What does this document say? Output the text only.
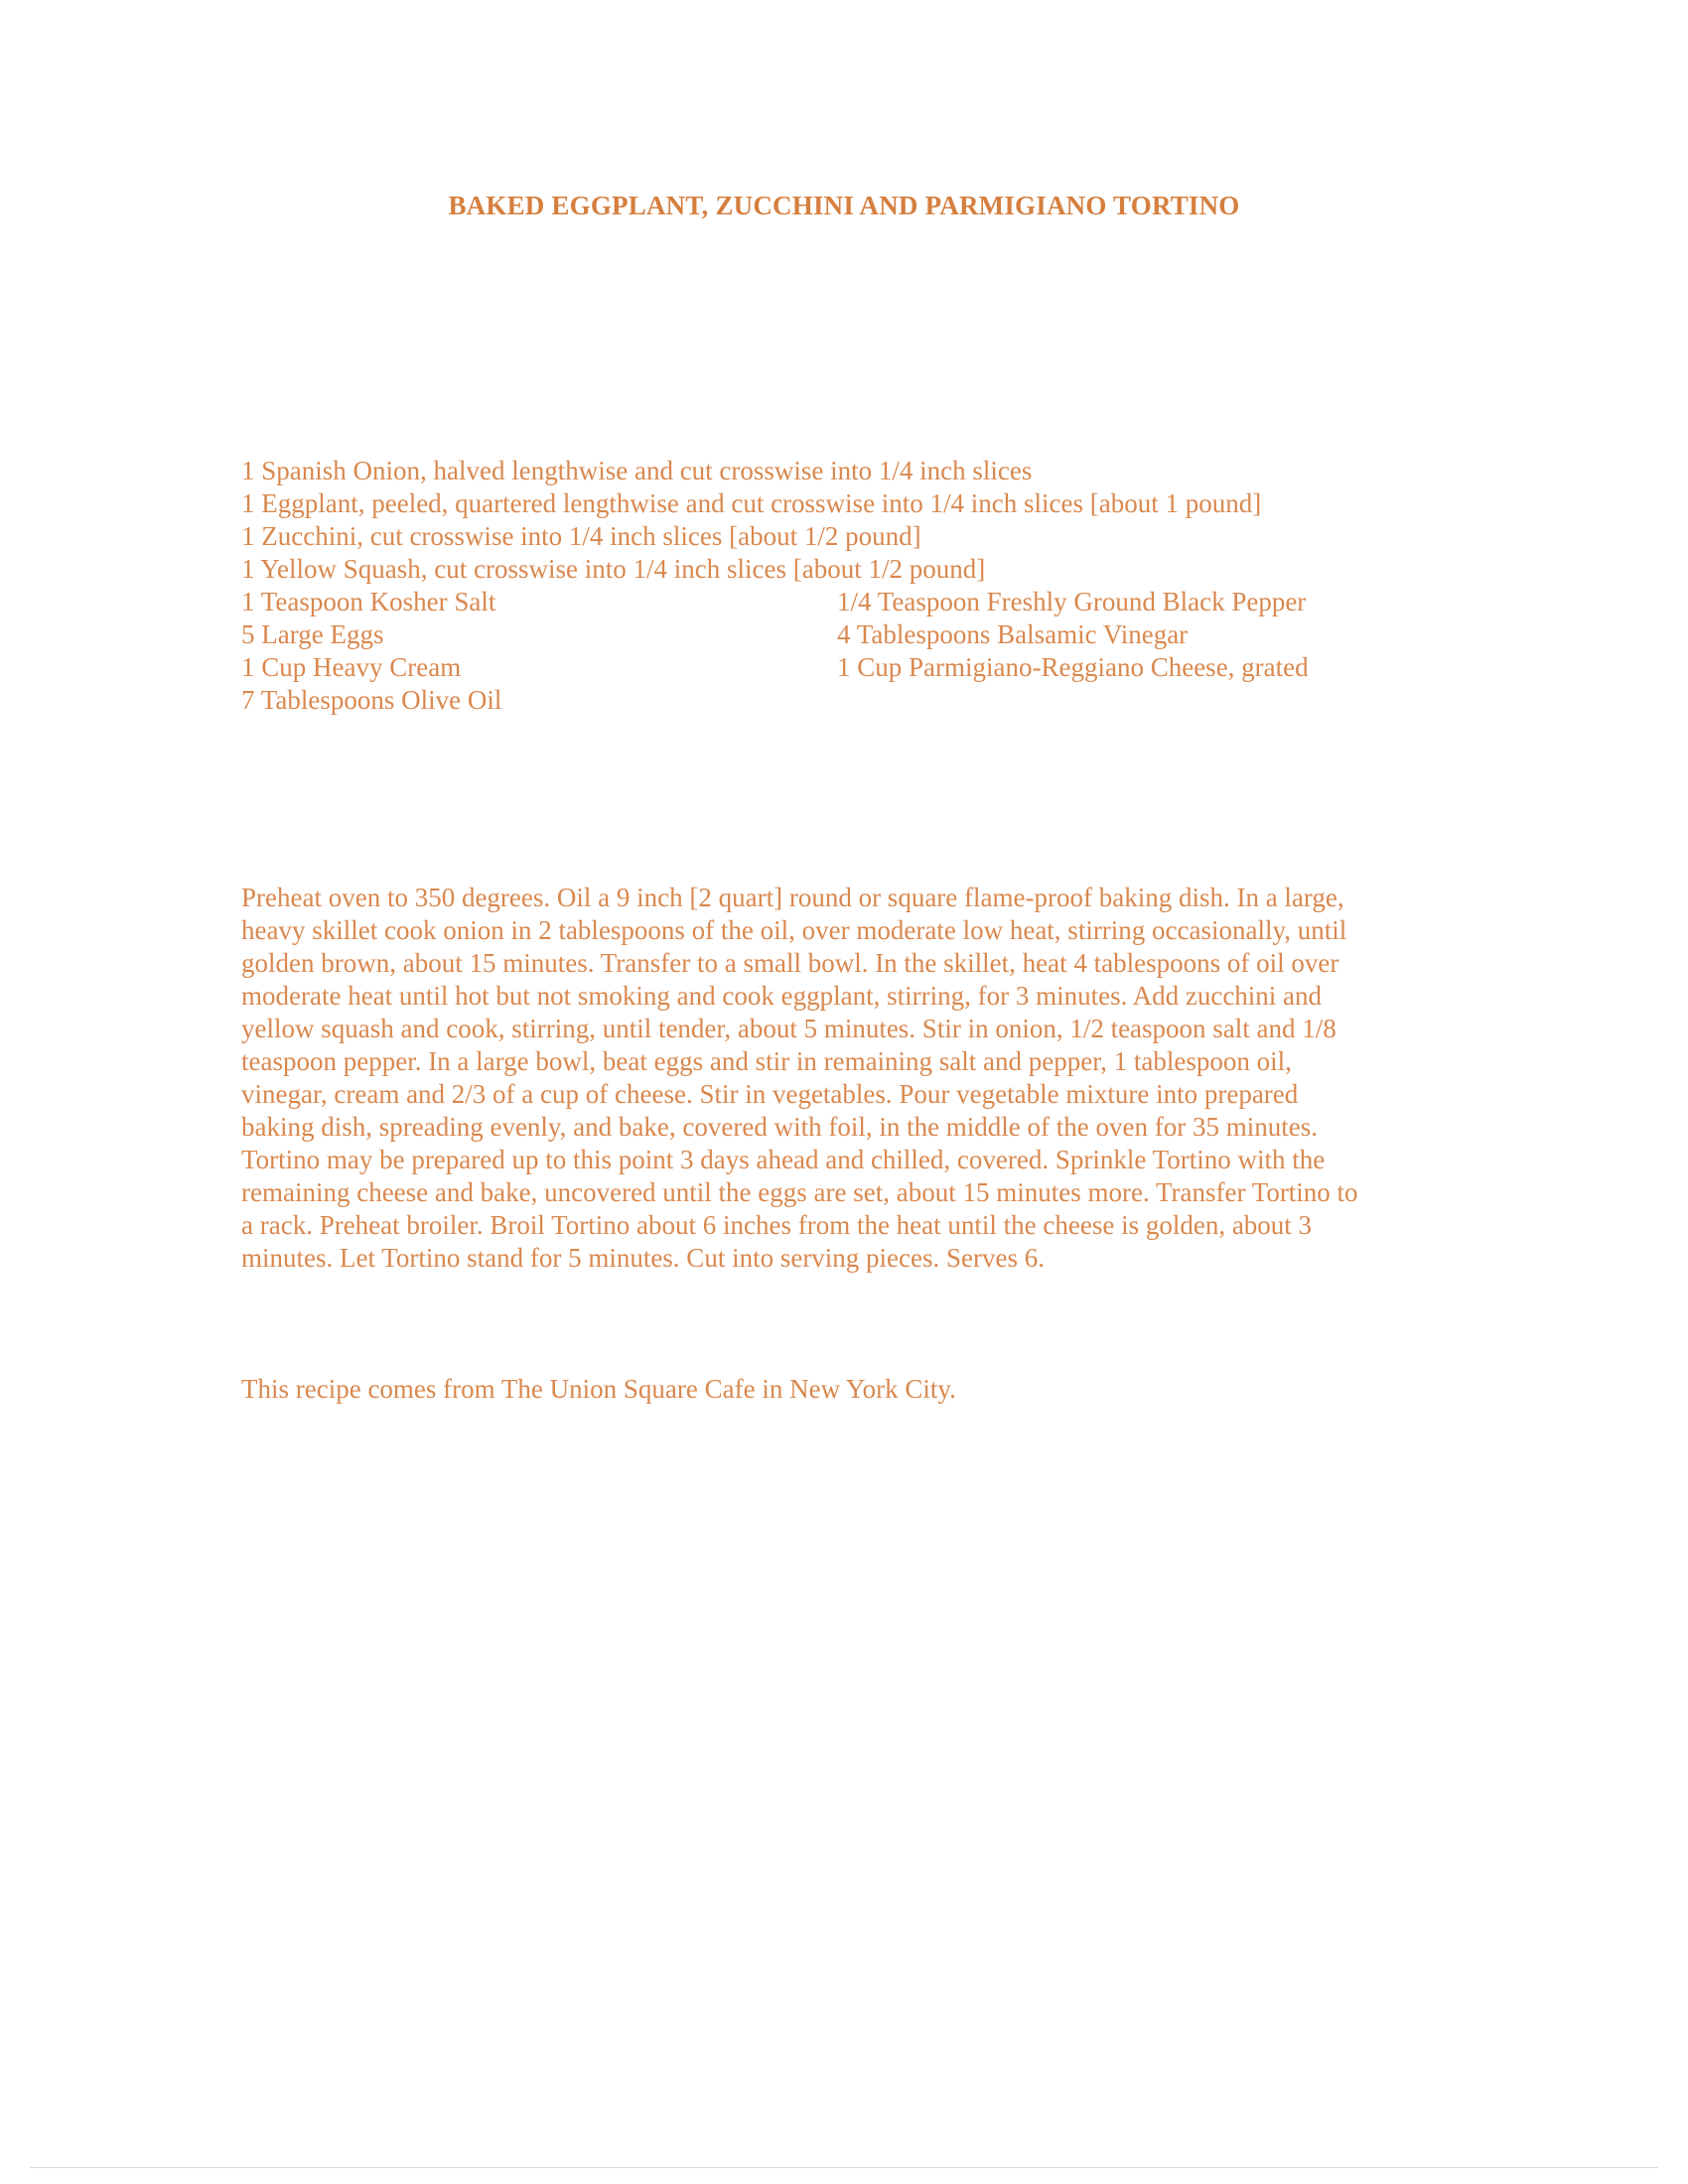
BAKED EGGPLANT, ZUCCHINI AND PARMIGIANO TORTINO
1 Spanish Onion, halved lengthwise and cut crosswise into 1/4 inch slices
1 Eggplant, peeled, quartered lengthwise and cut crosswise into 1/4 inch slices [about 1 pound]
1 Zucchini, cut crosswise into 1/4 inch slices [about 1/2 pound]
1 Yellow Squash, cut crosswise into 1/4 inch slices [about 1/2 pound]
1 Teaspoon Kosher Salt	1/4 Teaspoon Freshly Ground Black Pepper
5 Large Eggs	4 Tablespoons Balsamic Vinegar
1 Cup Heavy Cream	1 Cup Parmigiano-Reggiano Cheese, grated
7 Tablespoons Olive Oil
Preheat oven to 350 degrees. Oil a 9 inch [2 quart] round or square flame-proof baking dish. In a large,
heavy skillet cook onion in 2 tablespoons of the oil, over moderate low heat, stirring occasionally, until
golden brown, about 15 minutes. Transfer to a small bowl. In the skillet, heat 4 tablespoons of oil over
moderate heat until hot but not smoking and cook eggplant, stirring, for 3 minutes. Add zucchini and
yellow squash and cook, stirring, until tender, about 5 minutes. Stir in onion, 1/2 teaspoon salt and 1/8
teaspoon pepper. In a large bowl, beat eggs and stir in remaining salt and pepper, 1 tablespoon oil,
vinegar, cream and 2/3 of a cup of cheese. Stir in vegetables. Pour vegetable mixture into prepared
baking dish, spreading evenly, and bake, covered with foil, in the middle of the oven for 35 minutes.
Tortino may be prepared up to this point 3 days ahead and chilled, covered. Sprinkle Tortino with the
remaining cheese and bake, uncovered until the eggs are set, about 15 minutes more. Transfer Tortino to
a rack. Preheat broiler. Broil Tortino about 6 inches from the heat until the cheese is golden, about 3
minutes. Let Tortino stand for 5 minutes. Cut into serving pieces. Serves 6.
This recipe comes from The Union Square Cafe in New York City.
